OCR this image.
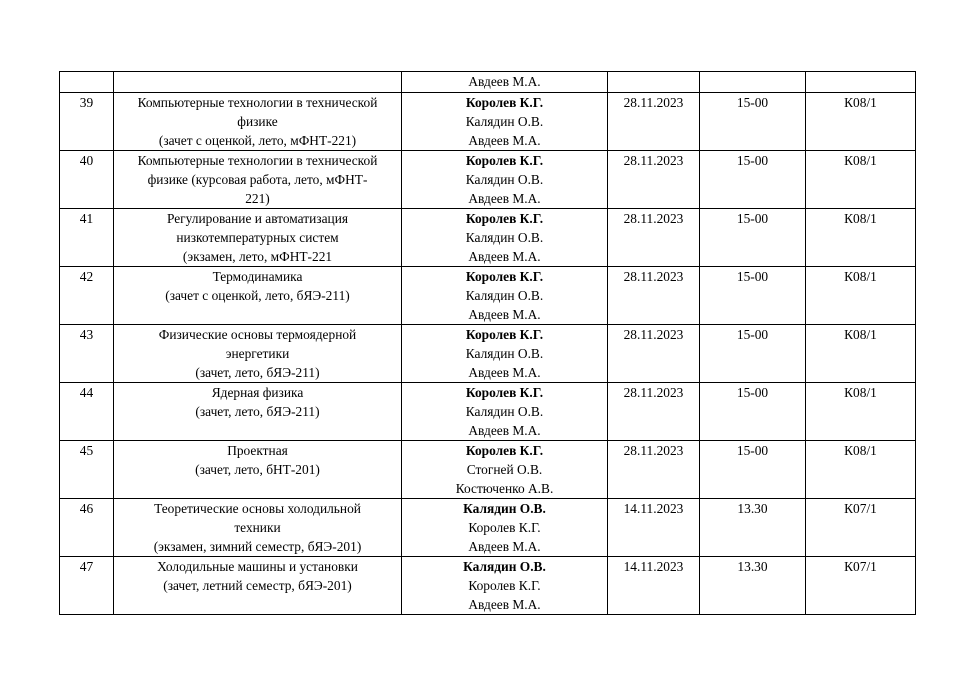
		Авдеев М.А.			

39	Компьютерные технологии в технической
физике
(зачет с оценкой, лето, мФНТ-221)	Королев К.Г.
Калядин О.В.
Авдеев М.А.	28.11.2023	15-00	К08/1
40	Компьютерные технологии в технической
физике (курсовая работа, лето, мФНТ-
221)	Королев К.Г.
Калядин О.В.
Авдеев М.А.	28.11.2023	15-00	К08/1
41	Регулирование и автоматизация
низкотемпературных систем
(экзамен, лето, мФНТ-221	Королев К.Г.
Калядин О.В.
Авдеев М.А.	28.11.2023	15-00	К08/1
42	Термодинамика
(зачет с оценкой, лето, бЯЭ-211)	Королев К.Г.
Калядин О.В.
Авдеев М.А.	28.11.2023	15-00	К08/1
43	Физические основы термоядерной
энергетики
(зачет, лето, бЯЭ-211)	Королев К.Г.
Калядин О.В.
Авдеев М.А.	28.11.2023	15-00	К08/1
44	Ядерная физика
(зачет, лето, бЯЭ-211)	Королев К.Г.
Калядин О.В.
Авдеев М.А.	28.11.2023	15-00	К08/1
45	Проектная
(зачет, лето, бНТ-201)	Королев К.Г.
Стогней О.В.
Костюченко А.В.	28.11.2023	15-00	К08/1
46	Теоретические основы холодильной
техники
(экзамен, зимний семестр, бЯЭ-201)	Калядин О.В.
Королев К.Г.
Авдеев М.А.	14.11.2023	13.30	К07/1
47	Холодильные машины и установки
(зачет, летний семестр, бЯЭ-201)	Калядин О.В.
Королев К.Г.
Авдеев М.А.	14.11.2023	13.30	К07/1
